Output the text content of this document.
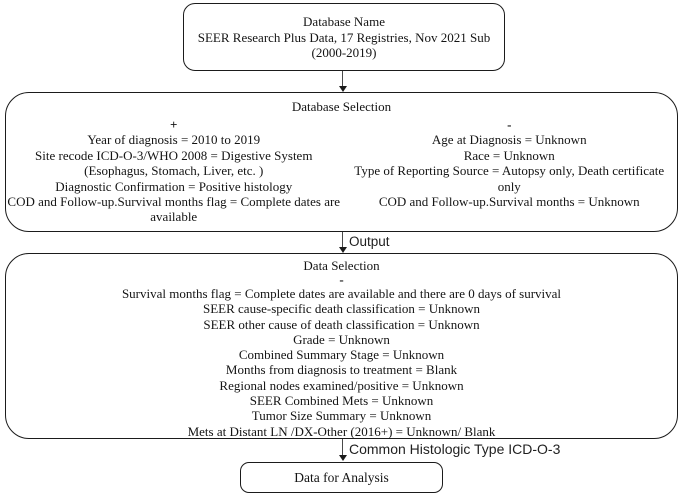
Database Name
SEER Research Plus Data, 17 Registries, Nov 2021 Sub
(2000-2019)
Database Selection
+
Year of diagnosis = 2010 to 2019
Site recode ICD-O-3/WHO 2008 = Digestive System
(Esophagus, Stomach, Liver, etc. )
Diagnostic Confirmation = Positive histology
COD and Follow-up.Survival months flag = Complete dates are
available
-
Age at Diagnosis = Unknown
Race = Unknown
Type of Reporting Source = Autopsy only, Death certificate
only
COD and Follow-up.Survival months = Unknown
Output
Data Selection
-
Survival months flag = Complete dates are available and there are 0 days of survival
SEER cause-specific death classification = Unknown
SEER other cause of death classification = Unknown
Grade = Unknown
Combined Summary Stage = Unknown
Months from diagnosis to treatment = Blank
Regional nodes examined/positive = Unknown
SEER Combined Mets = Unknown
Tumor Size Summary = Unknown
Mets at Distant LN /DX-Other (2016+) = Unknown/ Blank
Common Histologic Type ICD-O-3
Data for Analysis
